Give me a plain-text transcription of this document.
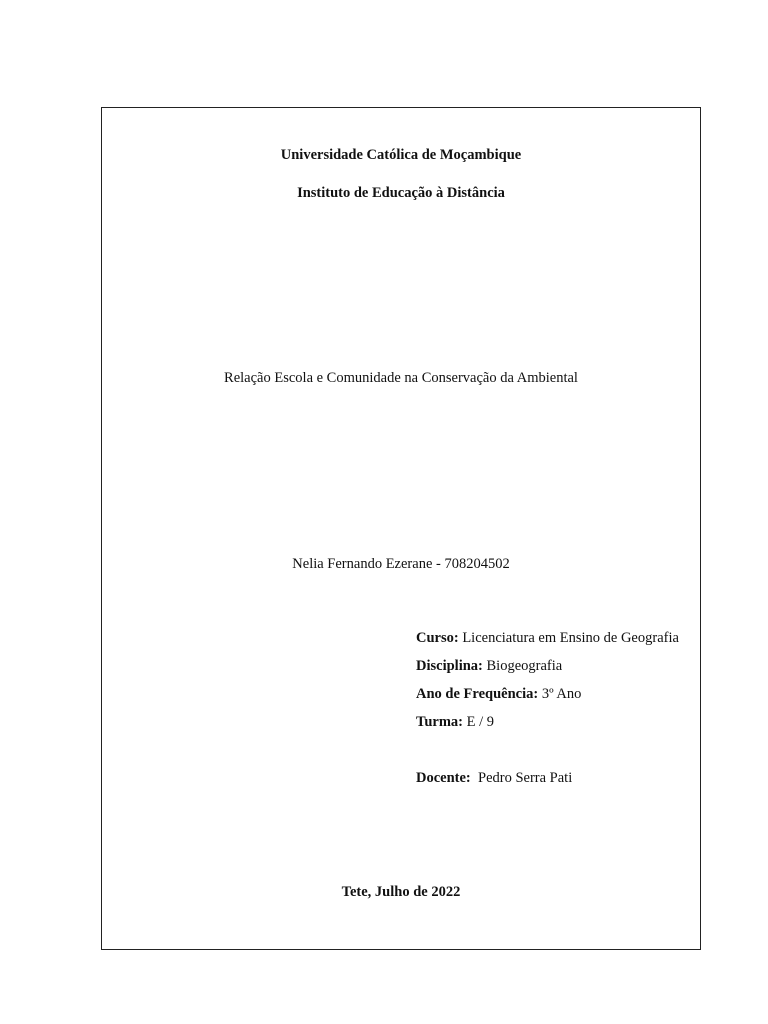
Universidade Católica de Moçambique
Instituto de Educação à Distância
Relação Escola e Comunidade na Conservação da Ambiental
Nelia Fernando Ezerane - 708204502
Curso: Licenciatura em Ensino de Geografia
Disciplina: Biogeografia
Ano de Frequência: 3º Ano
Turma: E / 9
Docente: Pedro Serra Pati
Tete, Julho de 2022
